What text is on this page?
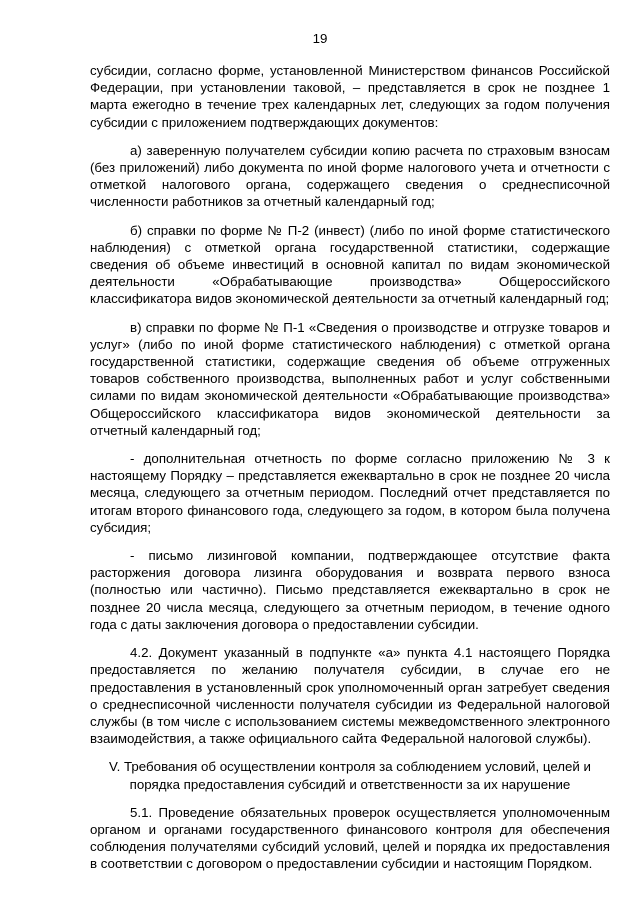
19

субсидии, согласно форме, установленной Министерством финансов Российской Федерации, при установлении таковой, – представляется в срок не позднее 1 марта ежегодно в течение трех календарных лет, следующих за годом получения субсидии с приложением подтверждающих документов:

а) заверенную получателем субсидии копию расчета по страховым взносам (без приложений) либо документа по иной форме налогового учета и отчетности с отметкой налогового органа, содержащего сведения о среднесписочной численности работников за отчетный календарный год;

б) справки по форме № П-2 (инвест) (либо по иной форме статистического наблюдения) с отметкой органа государственной статистики, содержащие сведения об объеме инвестиций в основной капитал по видам экономической деятельности «Обрабатывающие производства» Общероссийского классификатора видов экономической деятельности за отчетный календарный год;

в) справки по форме № П-1 «Сведения о производстве и отгрузке товаров и услуг» (либо по иной форме статистического наблюдения) с отметкой органа государственной статистики, содержащие сведения об объеме отгруженных товаров собственного производства, выполненных работ и услуг собственными силами по видам экономической деятельности «Обрабатывающие производства» Общероссийского классификатора видов экономической деятельности за отчетный календарный год;

- дополнительная отчетность по форме согласно приложению № 3 к настоящему Порядку – представляется ежеквартально в срок не позднее 20 числа месяца, следующего за отчетным периодом. Последний отчет представляется по итогам второго финансового года, следующего за годом, в котором была получена субсидия;

- письмо лизинговой компании, подтверждающее отсутствие факта расторжения договора лизинга оборудования и возврата первого взноса (полностью или частично). Письмо представляется ежеквартально в срок не позднее 20 числа месяца, следующего за отчетным периодом, в течение одного года с даты заключения договора о предоставлении субсидии.

4.2. Документ указанный в подпункте «а» пункта 4.1 настоящего Порядка предоставляется по желанию получателя субсидии, в случае его не предоставления в установленный срок уполномоченный орган затребует сведения о среднесписочной численности получателя субсидии из Федеральной налоговой службы (в том числе с использованием системы межведомственного электронного взаимодействия, а также официального сайта Федеральной налоговой службы).

V. Требования об осуществлении контроля за соблюдением условий, целей и порядка предоставления субсидий и ответственности за их нарушение

5.1. Проведение обязательных проверок осуществляется уполномоченным органом и органами государственного финансового контроля для обеспечения соблюдения получателями субсидий условий, целей и порядка их предоставления в соответствии с договором о предоставлении субсидии и настоящим Порядком.
